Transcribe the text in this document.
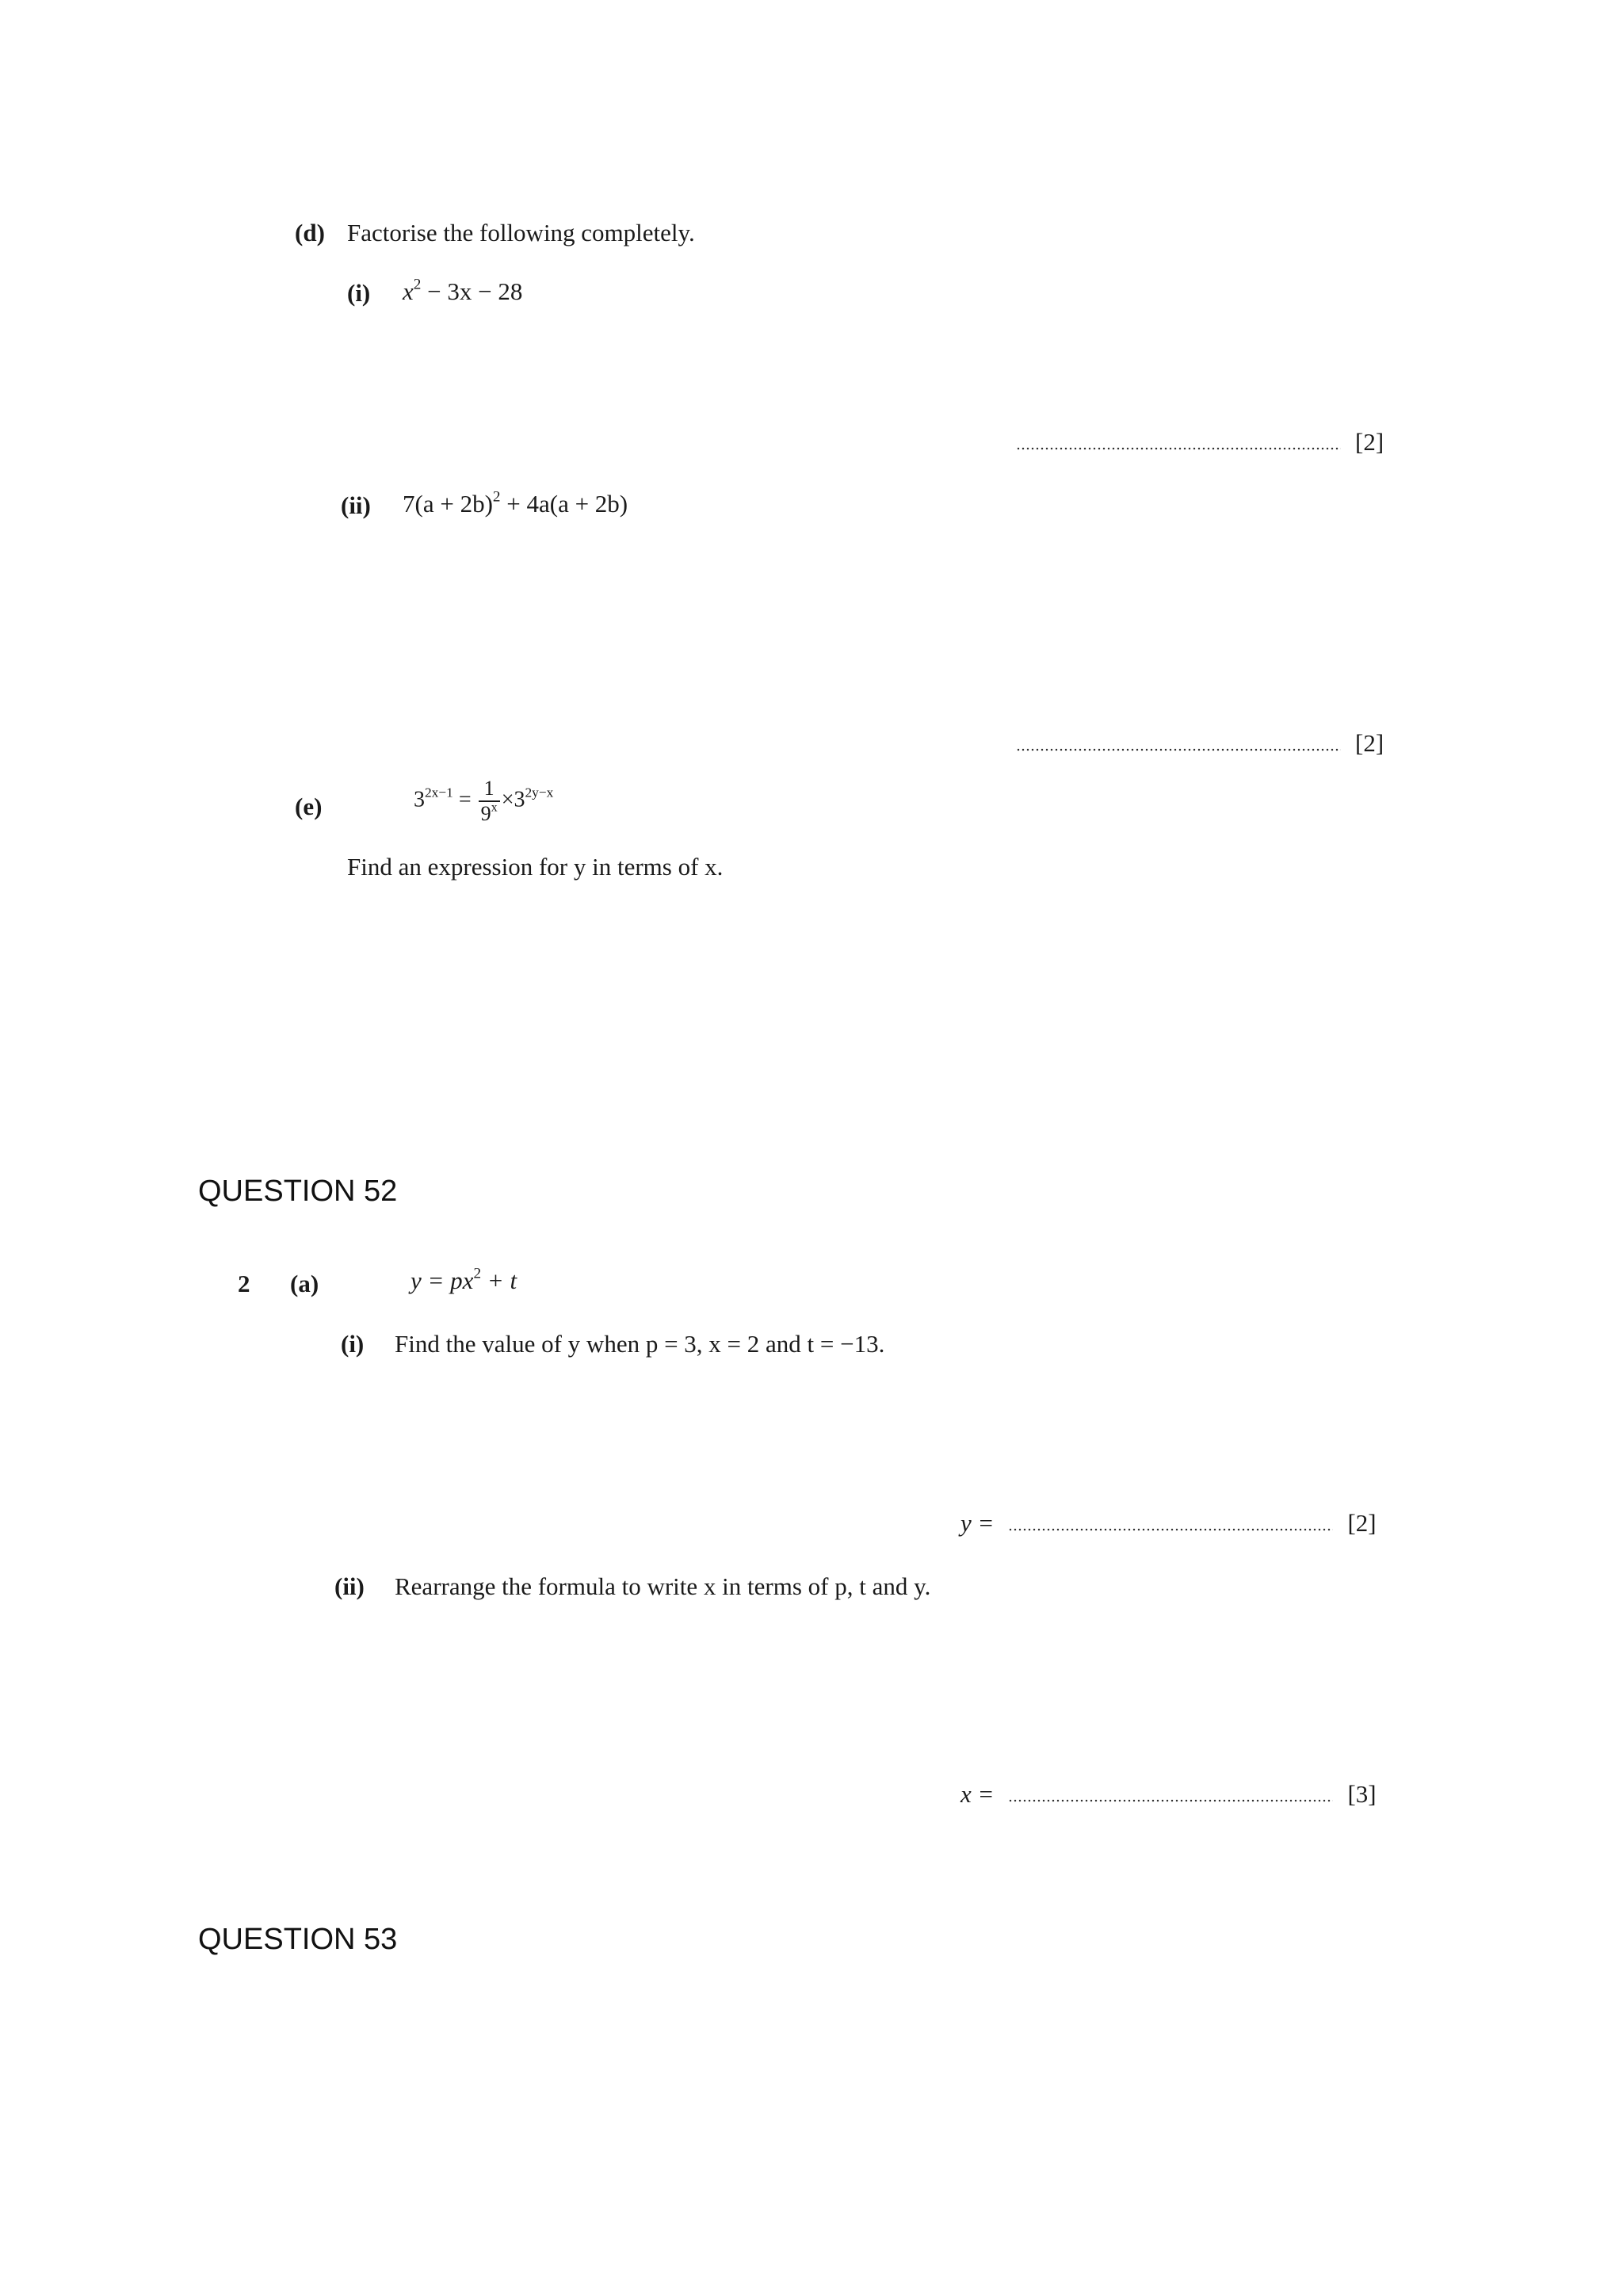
(d) Factorise the following completely.
(i) $x^2 - 3x - 28$
[2]
(ii) $7(a + 2b)^2 + 4a(a + 2b)$
[2]
(e)	$3^{2x-1} = \frac{1}{9^x} \times 3^{2y-x}$
Find an expression for y in terms of x.
QUESTION 52
2 (a)	$y = px^2 + t$
(i) Find the value of y when p = 3, x = 2 and t = −13.
y =	[2]
(ii) Rearrange the formula to write x in terms of p, t and y.
x =	[3]
QUESTION 53
